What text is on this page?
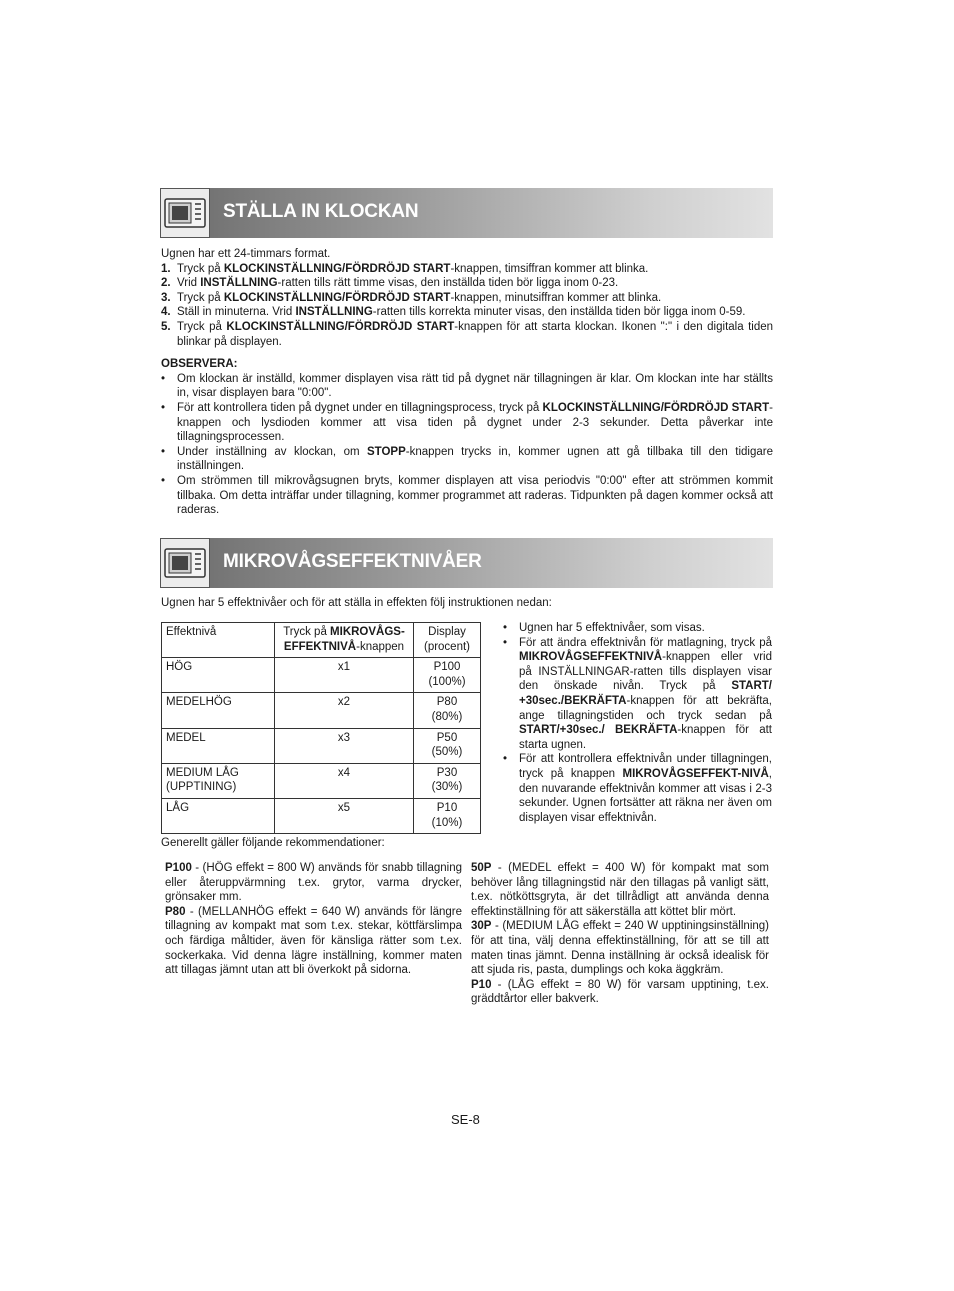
STÄLLA IN KLOCKAN

Ugnen har ett 24-timmars format.

1. Tryck på KLOCKINSTÄLLNING/FÖRDRÖJD START-knappen, timsiffran kommer att blinka.
2. Vrid INSTÄLLNING-ratten tills rätt timme visas, den inställda tiden bör ligga inom 0-23.
3. Tryck på KLOCKINSTÄLLNING/FÖRDRÖJD START-knappen, minutsiffran kommer att blinka.
4. Ställ in minuterna. Vrid INSTÄLLNING-ratten tills korrekta minuter visas, den inställda tiden bör ligga inom 0-59.
5. Tryck på KLOCKINSTÄLLNING/FÖRDRÖJD START-knappen för att starta klockan. Ikonen ":" i den digitala tiden blinkar på displayen.

OBSERVERA:

•	Om klockan är inställd, kommer displayen visa rätt tid på dygnet när tillagningen är klar. Om klockan inte har ställts in, visar displayen bara "0:00".
•	För att kontrollera tiden på dygnet under en tillagningsprocess, tryck på KLOCKINSTÄLLNING/FÖRDRÖJD START-knappen och lysdioden kommer att visa tiden på dygnet under 2-3 sekunder. Detta påverkar inte tillagningsprocessen.
•	Under inställning av klockan, om STOPP-knappen trycks in, kommer ugnen att gå tillbaka till den tidigare inställningen.
•	Om strömmen till mikrovågsugnen bryts, kommer displayen att visa periodvis "0:00" efter att strömmen kommit tillbaka. Om detta inträffar under tillagning, kommer programmet att raderas. Tidpunkten på dagen kommer också att raderas.
MIKROVÅGSEFFEKTNIVÅER

Ugnen har 5 effektnivåer och för att ställa in effekten följ instruktionen nedan:

Effektnivå	Tryck på MIKROVÅGS-EFFEKTNIVÅ-knappen	Display (procent)
HÖG	x1	P100
(100%)

MEDELHÖG	x2	P80
(80%)

MEDEL	x3	P50
(50%)

MEDIUM LÅG (UPPTINING)	x4	P30
(30%)

LÅG	x5	P10
(10%)
•	Ugnen har 5 effektnivåer, som visas.
•	För att ändra effektnivån för matlagning, tryck på MIKROVÅGSEFFEKTNIVÅ-knappen eller vrid på INSTÄLLNINGAR-ratten tills displayen visar den önskade nivån. Tryck på START/ +30sec./BEKRÄFTA-knappen för att bekräfta, ange tillagningstiden och tryck sedan på START/+30sec./ BEKRÄFTA-knappen för att starta ugnen.
•	För att kontrollera effektnivån under tillagningen, tryck på knappen MIKROVÅGSEFFEKT-NIVÅ, den nuvarande effektnivån kommer att visas i 2-3 sekunder. Ugnen fortsätter att räkna ner även om displayen visar effektnivån.

Generellt gäller följande rekommendationer:

P100 - (HÖG effekt = 800 W) används för snabb tillagning eller återuppvärmning t.ex. grytor, varma drycker, grönsaker mm.

P80 - (MELLANHÖG effekt = 640 W) används för längre tillagning av kompakt mat som t.ex. stekar, köttfärslimpa och färdiga måltider, även för känsliga rätter som t.ex. sockerkaka. Vid denna lägre inställning, kommer maten att tillagas jämnt utan att bli överkokt på sidorna.

50P - (MEDEL effekt = 400 W) för kompakt mat som behöver lång tillagningstid när den tillagas på vanligt sätt, t.ex. nötköttsgryta, är det tillrådligt att använda denna effektinställning för att säkerställa att köttet blir mört.

30P - (MEDIUM LÅG effekt = 240 W upptiningsinställning) för att tina, välj denna effektinställning, för att se till att maten tinas jämnt. Denna inställning är också idealisk för att sjuda ris, pasta, dumplings och koka äggkräm.

P10 - (LÅG effekt = 80 W) för varsam upptining, t.ex. gräddtårtor eller bakverk.

SE-8
